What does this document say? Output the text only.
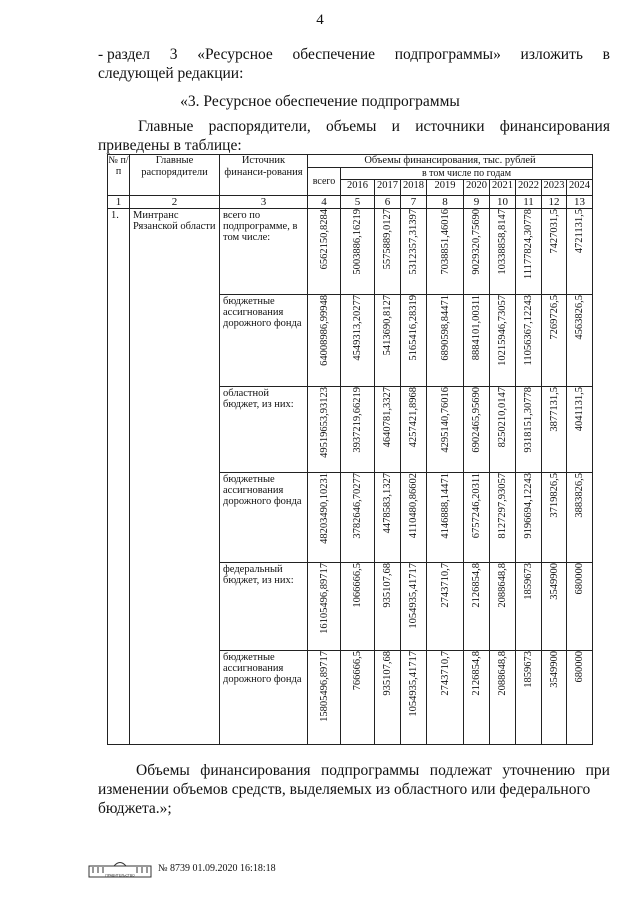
4
- раздел 3 «Ресурсное обеспечение подпрограммы» изложить в
следующей редакции:
«3. Ресурсное обеспечение подпрограммы
Главные распорядители, объемы и источники финансирования
приведены в таблице:
№ п/п	Главные распорядители	Источник финанси-рования	Объемы финансирования, тыс. рублей									
			всего	в том числе по годам								
				2016	2017	2018	2019	2020	2021	2022	2023	2024
1	2	3	4	5	6	7	8	9	10	11	12	13
1.	Минтранс Рязанской области	всего по подпрограмме, в том числе:	6562150,8284	5003886,16219	5575889,0127	5312357,31397	7038851,46016	9029320,75690	10338858,8147	11177824,30778	7427031,5	4721131,5

		бюджетные ассигнования дорожного фонда	64008986,99948	4549313,20277	5413690,8127	5165416,28319	6890598,84471	8884101,00311	10215946,73057	11056367,12243	7269726,5	4563826,5

		областной бюджет, из них:	49519653,93123	3937219,66219	4640781,3327	4257421,8968	4295140,76016	6902465,95690	8250210,0147	9318151,30778	3877131,5	4041131,5

		бюджетные ассигнования дорожного фонда	48203490,10231	3782646,70277	4478583,1327	4110480,86602	4146888,14471	6757246,20311	8127297,93057	9196694,12243	3719826,5	3883826,5

		федеральный бюджет, из них:	16105496,89717	1066666,5	935107,68	1054935,41717	2743710,7	2126854,8	2088648,8	1859673	3549900	680000

		бюджетные ассигнования дорожного фонда	15805496,89717	766666,5	935107,68	1054935,41717	2743710,7	2126854,8	2088648,8	1859673	3549900	680000
Объемы финансирования подпрограммы подлежат уточнению при
изменении объемов средств, выделяемых из областного или федерального
бюджета.»;
ПРАВИТЕЛЬСТВО
№ 8739 01.09.2020 16:18:18
